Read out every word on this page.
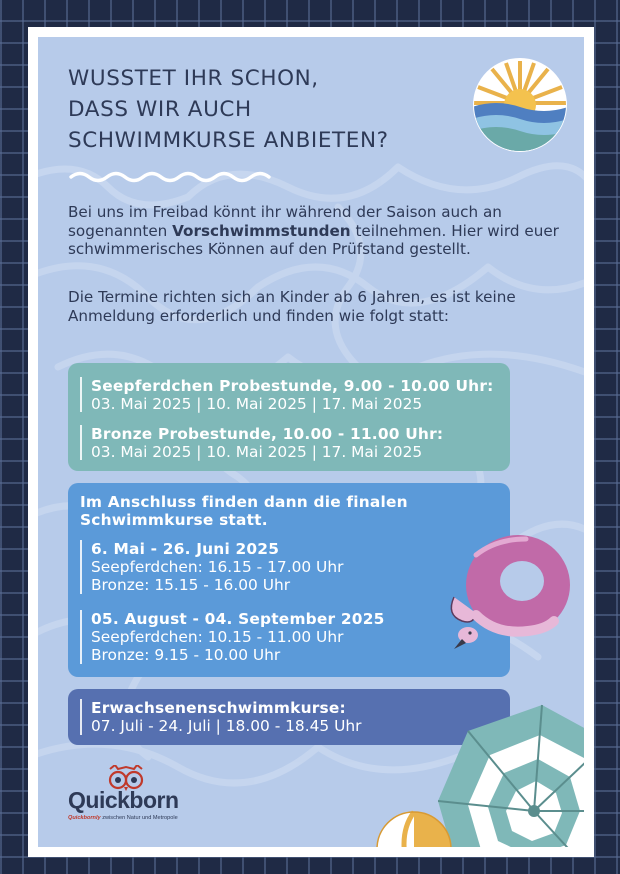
WUSSTET IHR SCHON,
DASS WIR AUCH
SCHWIMMKURSE ANBIETEN?

Bei uns im Freibad könnt ihr während der Saison auch an sogenannten Vorschwimmstunden teilnehmen. Hier wird euer schwimmerisches Können auf den Prüfstand gestellt.

Die Termine richten sich an Kinder ab 6 Jahren, es ist keine Anmeldung erforderlich und finden wie folgt statt:

Seepferdchen Probestunde, 9.00 - 10.00 Uhr:

03. Mai 2025 | 10. Mai 2025 | 17. Mai 2025

Bronze Probestunde, 10.00 - 11.00 Uhr:

03. Mai 2025 | 10. Mai 2025 | 17. Mai 2025

Im Anschluss finden dann die finalen

Schwimmkurse statt.

6. Mai - 26. Juni 2025

Seepferdchen: 16.15 - 17.00 Uhr

Bronze: 15.15 - 16.00 Uhr

05. August - 04. September 2025

Seepferdchen: 10.15 - 11.00 Uhr

Bronze: 9.15 - 10.00 Uhr

Erwachsenenschwimmkurse:

07. Juli - 24. Juli | 18.00 - 18.45 Uhr

Quickborn

Quickbornly zwischen Natur und Metropole
